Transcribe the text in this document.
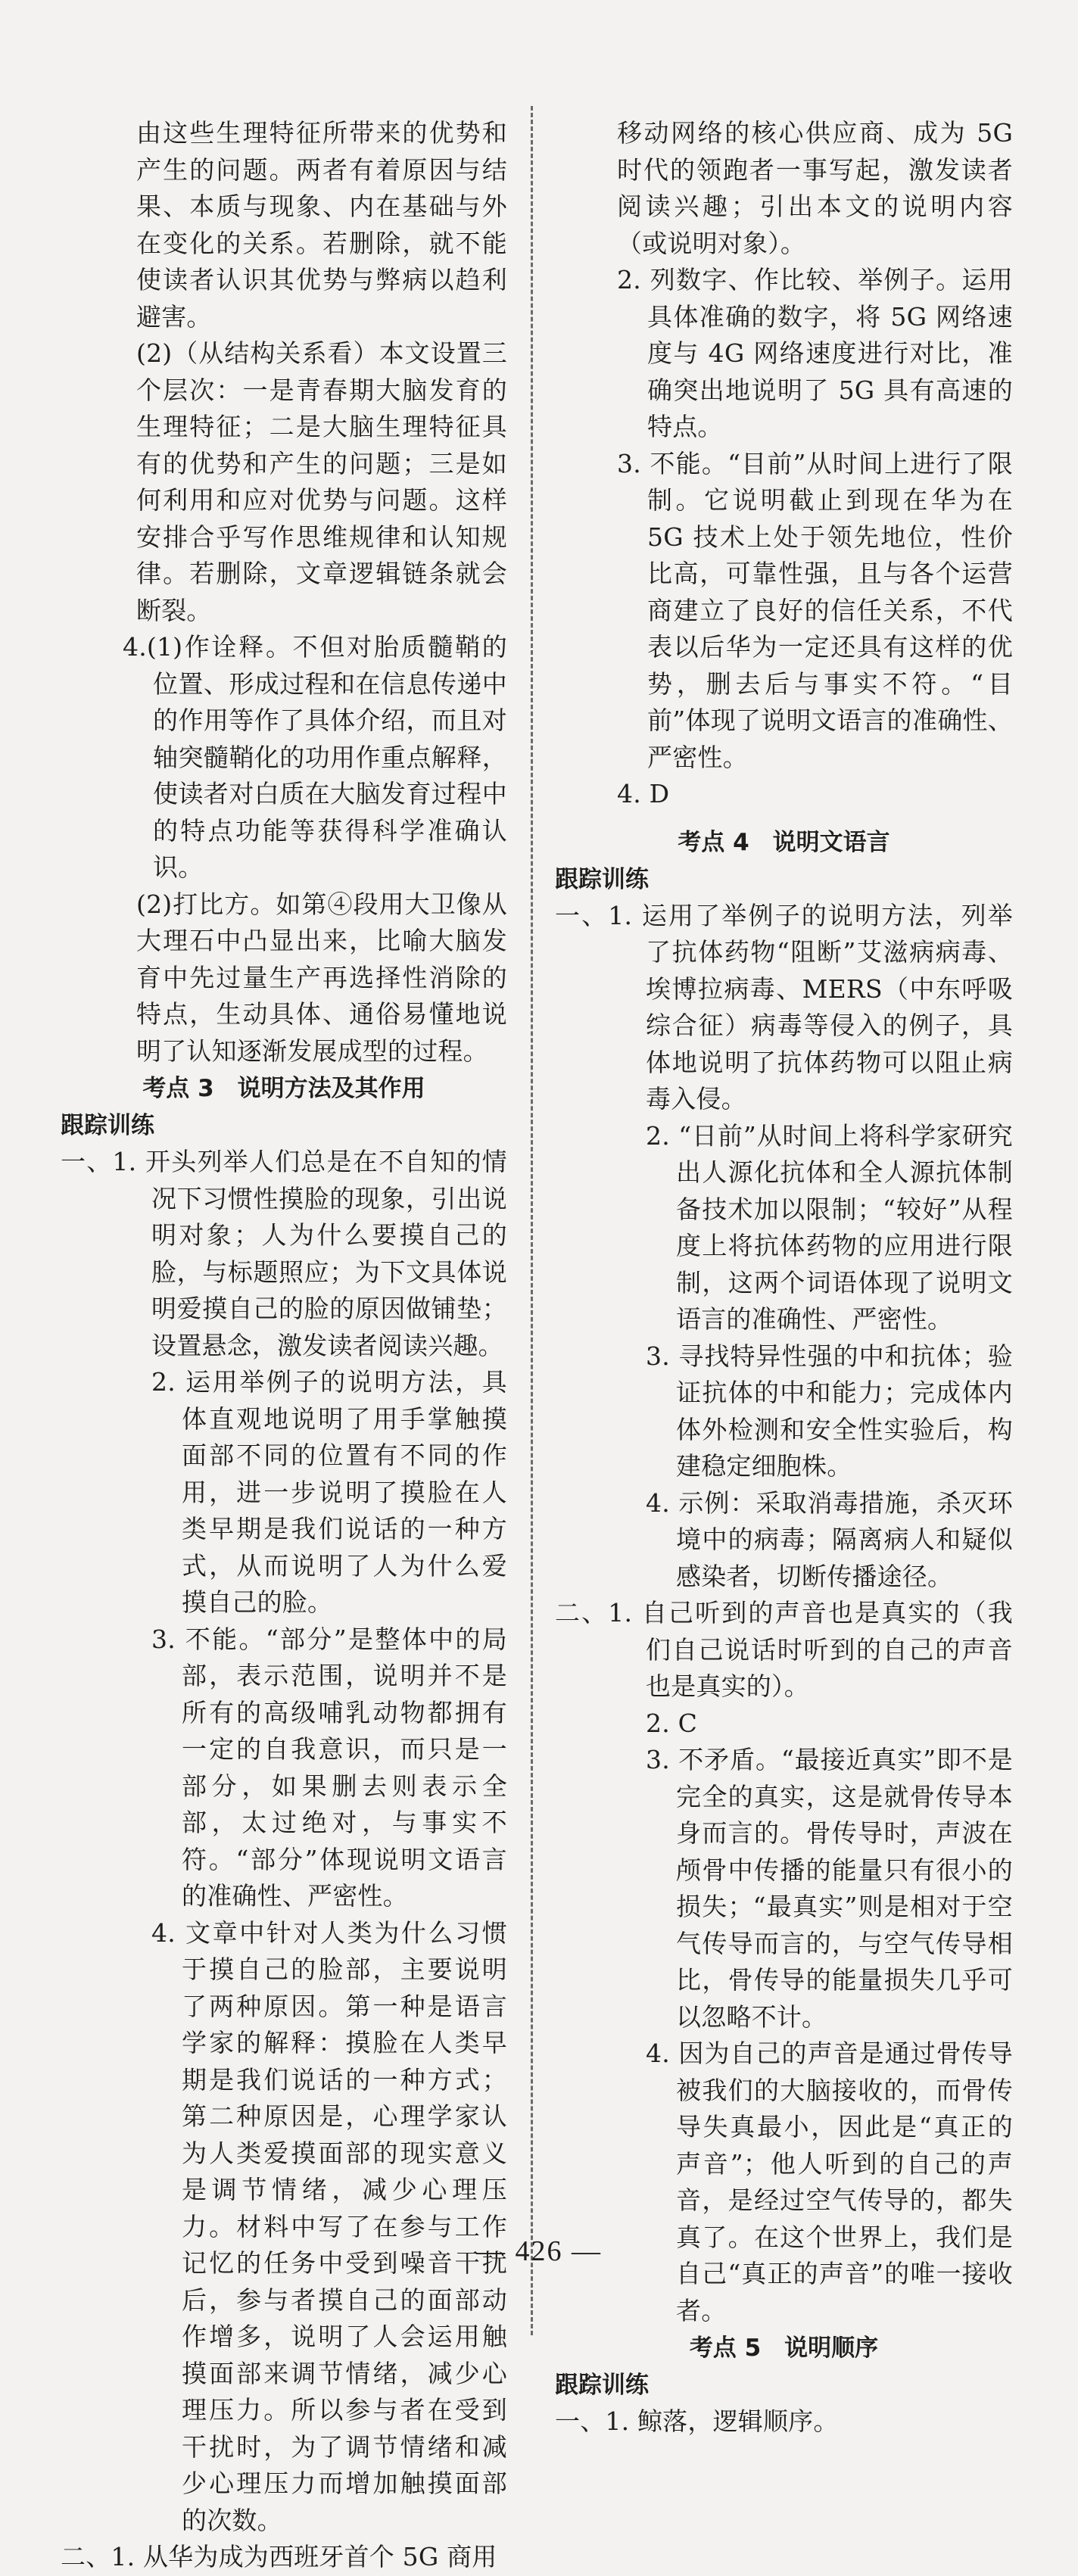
由这些生理特征所带来的优势和产生的问题。两者有着原因与结果、本质与现象、内在基础与外在变化的关系。若删除，就不能使读者认识其优势与弊病以趋利避害。

(2)（从结构关系看）本文设置三个层次：一是青春期大脑发育的生理特征；二是大脑生理特征具有的优势和产生的问题；三是如何利用和应对优势与问题。这样安排合乎写作思维规律和认知规律。若删除，文章逻辑链条就会断裂。

4.(1)作诠释。不但对胎质髓鞘的位置、形成过程和在信息传递中的作用等作了具体介绍，而且对轴突髓鞘化的功用作重点解释，使读者对白质在大脑发育过程中的特点功能等获得科学准确认识。

(2)打比方。如第④段用大卫像从大理石中凸显出来，比喻大脑发育中先过量生产再选择性消除的特点，生动具体、通俗易懂地说明了认知逐渐发展成型的过程。

考点 3　说明方法及其作用
跟踪训练

一、1. 开头列举人们总是在不自知的情况下习惯性摸脸的现象，引出说明对象；人为什么要摸自己的脸，与标题照应；为下文具体说明爱摸自己的脸的原因做铺垫；设置悬念，激发读者阅读兴趣。

2. 运用举例子的说明方法，具体直观地说明了用手掌触摸面部不同的位置有不同的作用，进一步说明了摸脸在人类早期是我们说话的一种方式，从而说明了人为什么爱摸自己的脸。

3. 不能。“部分”是整体中的局部，表示范围，说明并不是所有的高级哺乳动物都拥有一定的自我意识，而只是一部分，如果删去则表示全部，太过绝对，与事实不符。“部分”体现说明文语言的准确性、严密性。

4. 文章中针对人类为什么习惯于摸自己的脸部，主要说明了两种原因。第一种是语言学家的解释：摸脸在人类早期是我们说话的一种方式；第二种原因是，心理学家认为人类爱摸面部的现实意义是调节情绪，减少心理压力。材料中写了在参与工作记忆的任务中受到噪音干扰后，参与者摸自己的面部动作增多，说明了人会运用触摸面部来调节情绪，减少心理压力。所以参与者在受到干扰时，为了调节情绪和减少心理压力而增加触摸面部的次数。

二、1. 从华为成为西班牙首个 5G 商用

移动网络的核心供应商、成为 5G 时代的领跑者一事写起，激发读者阅读兴趣；引出本文的说明内容（或说明对象）。

2. 列数字、作比较、举例子。运用具体准确的数字，将 5G 网络速度与 4G 网络速度进行对比，准确突出地说明了 5G 具有高速的特点。

3. 不能。“目前”从时间上进行了限制。它说明截止到现在华为在 5G 技术上处于领先地位，性价比高，可靠性强，且与各个运营商建立了良好的信任关系，不代表以后华为一定还具有这样的优势，删去后与事实不符。“目前”体现了说明文语言的准确性、严密性。

4. D

考点 4　说明文语言
跟踪训练

一、1. 运用了举例子的说明方法，列举了抗体药物“阻断”艾滋病病毒、埃博拉病毒、MERS（中东呼吸综合征）病毒等侵入的例子，具体地说明了抗体药物可以阻止病毒入侵。

2. “日前”从时间上将科学家研究出人源化抗体和全人源抗体制备技术加以限制；“较好”从程度上将抗体药物的应用进行限制，这两个词语体现了说明文语言的准确性、严密性。

3. 寻找特异性强的中和抗体；验证抗体的中和能力；完成体内体外检测和安全性实验后，构建稳定细胞株。

4. 示例：采取消毒措施，杀灭环境中的病毒；隔离病人和疑似感染者，切断传播途径。

二、1. 自己听到的声音也是真实的（我们自己说话时听到的自己的声音也是真实的）。

2. C

3. 不矛盾。“最接近真实”即不是完全的真实，这是就骨传导本身而言的。骨传导时，声波在颅骨中传播的能量只有很小的损失；“最真实”则是相对于空气传导而言的，与空气传导相比，骨传导的能量损失几乎可以忽略不计。

4. 因为自己的声音是通过骨传导被我们的大脑接收的，而骨传导失真最小，因此是“真正的声音”；他人听到的自己的声音，是经过空气传导的，都失真了。在这个世界上，我们是自己“真正的声音”的唯一接收者。

考点 5　说明顺序
跟踪训练

一、1. 鲸落，逻辑顺序。

— 426 —
